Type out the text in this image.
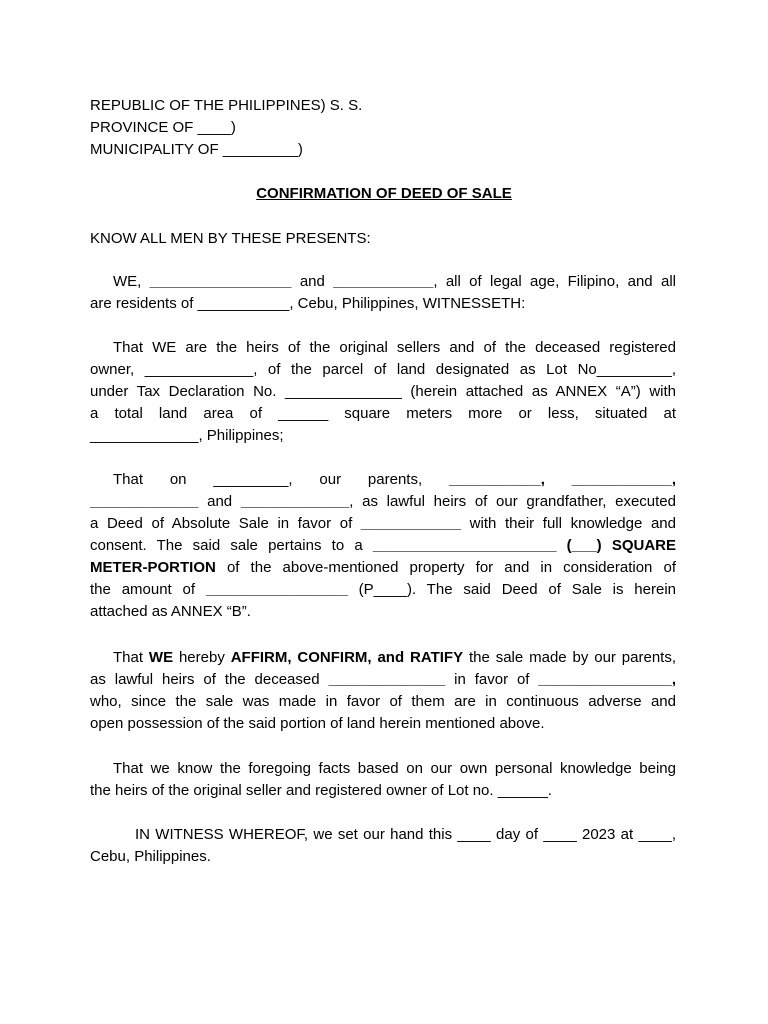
REPUBLIC OF THE PHILIPPINES) S. S.

PROVINCE OF ____)

MUNICIPALITY OF _________)

CONFIRMATION OF DEED OF SALE

KNOW ALL MEN BY THESE PRESENTS:

WE, _________________ and ____________, all of legal age, Filipino, and all

are residents of ___________, Cebu, Philippines, WITNESSETH:

That WE are the heirs of the original sellers and of the deceased registered

owner, _____________, of the parcel of land designated as Lot No_________,

under Tax Declaration No. ______________ (herein attached as ANNEX “A”) with

a total land area of ______ square meters more or less, situated at

_____________, Philippines;

That on _________, our parents, ___________, ____________,

_____________ and _____________, as lawful heirs of our grandfather, executed

a Deed of Absolute Sale in favor of ____________ with their full knowledge and

consent. The said sale pertains to a ______________________ (___) SQUARE

METER-PORTION of the above-mentioned property for and in consideration of

the amount of _________________ (P____). The said Deed of Sale is herein

attached as ANNEX “B”.

That WE hereby AFFIRM, CONFIRM, and RATIFY the sale made by our parents,

as lawful heirs of the deceased ______________ in favor of ________________,

who, since the sale was made in favor of them are in continuous adverse and

open possession of the said portion of land herein mentioned above.

That we know the foregoing facts based on our own personal knowledge being

the heirs of the original seller and registered owner of Lot no. ______.

IN WITNESS WHEREOF, we set our hand this ____ day of ____ 2023 at ____,

Cebu, Philippines.
